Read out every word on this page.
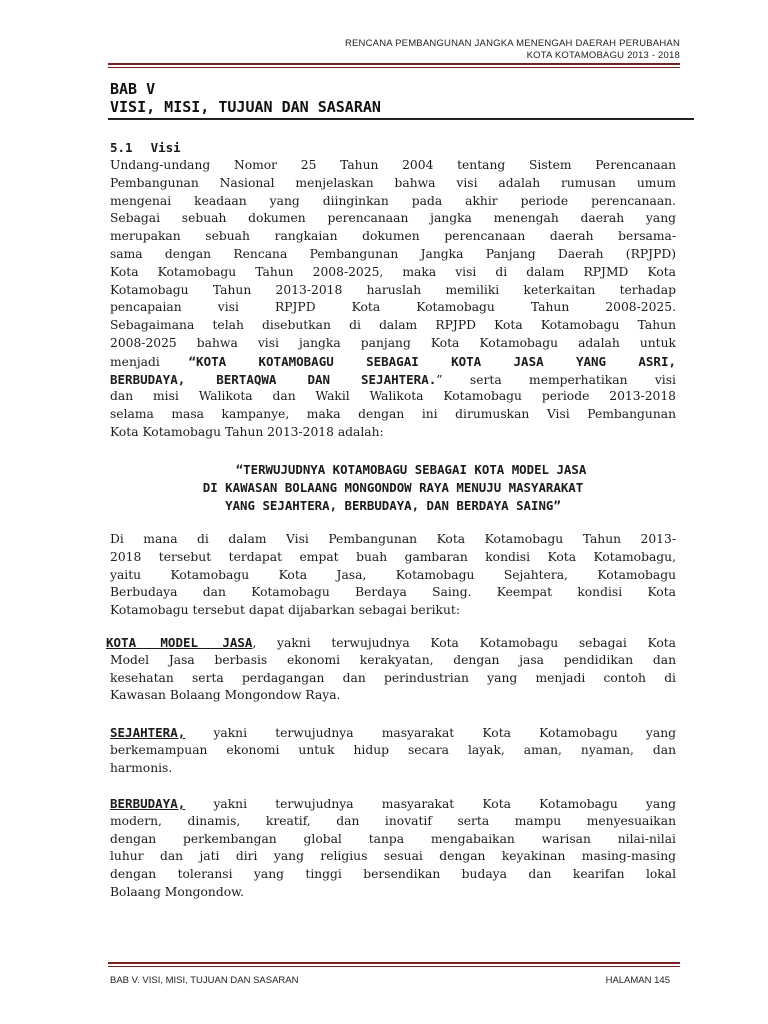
RENCANA PEMBANGUNAN JANGKA MENENGAH DAERAH PERUBAHAN
KOTA KOTAMOBAGU 2013 - 2018
BAB V
VISI, MISI, TUJUAN DAN SASARAN
5.1 Visi
Undang-undang Nomor 25 Tahun 2004 tentang Sistem Perencanaan
Pembangunan Nasional menjelaskan bahwa visi adalah rumusan umum
mengenai keadaan yang diinginkan pada akhir periode perencanaan.
Sebagai sebuah dokumen perencanaan jangka menengah daerah yang
merupakan sebuah rangkaian dokumen perencanaan daerah bersama-
sama dengan Rencana Pembangunan Jangka Panjang Daerah (RPJPD)
Kota Kotamobagu Tahun 2008-2025, maka visi di dalam RPJMD Kota
Kotamobagu Tahun 2013-2018 haruslah memiliki keterkaitan terhadap
pencapaian visi RPJPD Kota Kotamobagu Tahun 2008-2025.
Sebagaimana telah disebutkan di dalam RPJPD Kota Kotamobagu Tahun
2008-2025 bahwa visi jangka panjang Kota Kotamobagu adalah untuk
menjadi “KOTA KOTAMOBAGU SEBAGAI KOTA JASA YANG ASRI,
BERBUDAYA, BERTAQWA DAN SEJAHTERA.” serta memperhatikan visi
dan misi Walikota dan Wakil Walikota Kotamobagu periode 2013-2018
selama masa kampanye, maka dengan ini dirumuskan Visi Pembangunan
Kota Kotamobagu Tahun 2013-2018 adalah:
“TERWUJUDNYA KOTAMOBAGU SEBAGAI KOTA MODEL JASA
DI KAWASAN BOLAANG MONGONDOW RAYA MENUJU MASYARAKAT
YANG SEJAHTERA, BERBUDAYA, DAN BERDAYA SAING”
Di mana di dalam Visi Pembangunan Kota Kotamobagu Tahun 2013-
2018 tersebut terdapat empat buah gambaran kondisi Kota Kotamobagu,
yaitu Kotamobagu Kota Jasa, Kotamobagu Sejahtera, Kotamobagu
Berbudaya dan Kotamobagu Berdaya Saing. Keempat kondisi Kota
Kotamobagu tersebut dapat dijabarkan sebagai berikut:
KOTA MODEL JASA, yakni terwujudnya Kota Kotamobagu sebagai Kota
Model Jasa berbasis ekonomi kerakyatan, dengan jasa pendidikan dan
kesehatan serta perdagangan dan perindustrian yang menjadi contoh di
Kawasan Bolaang Mongondow Raya.
SEJAHTERA, yakni terwujudnya masyarakat Kota Kotamobagu yang
berkemampuan ekonomi untuk hidup secara layak, aman, nyaman, dan
harmonis.
BERBUDAYA, yakni terwujudnya masyarakat Kota Kotamobagu yang
modern, dinamis, kreatif, dan inovatif serta mampu menyesuaikan
dengan perkembangan global tanpa mengabaikan warisan nilai-nilai
luhur dan jati diri yang religius sesuai dengan keyakinan masing-masing
dengan toleransi yang tinggi bersendikan budaya dan kearifan lokal
Bolaang Mongondow.
BAB V. VISI, MISI, TUJUAN DAN SASARAN	HALAMAN 145
